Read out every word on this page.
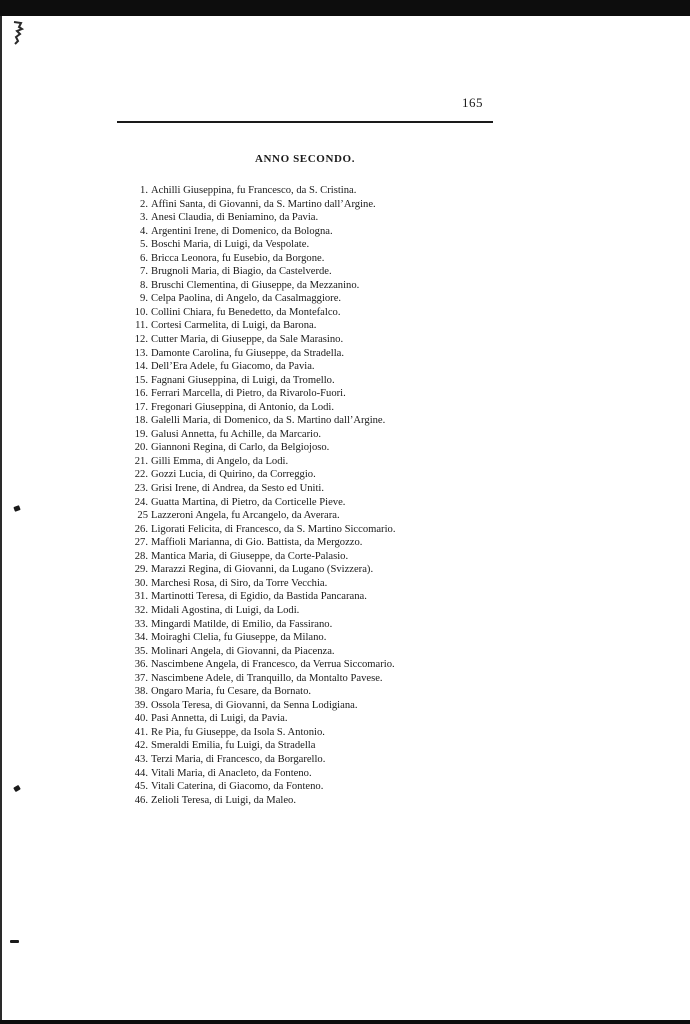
165
ANNO SECONDO.
1. Achilli Giuseppina, fu Francesco, da S. Cristina.
2. Affini Santa, di Giovanni, da S. Martino dall’Argine.
3. Anesi Claudia, di Beniamino, da Pavia.
4. Argentini Irene, di Domenico, da Bologna.
5. Boschi Maria, di Luigi, da Vespolate.
6. Bricca Leonora, fu Eusebio, da Borgone.
7. Brugnoli Maria, di Biagio, da Castelverde.
8. Bruschi Clementina, di Giuseppe, da Mezzanino.
9. Celpa Paolina, di Angelo, da Casalmaggiore.
10. Collini Chiara, fu Benedetto, da Montefalco.
11. Cortesi Carmelita, di Luigi, da Barona.
12. Cutter Maria, di Giuseppe, da Sale Marasino.
13. Damonte Carolina, fu Giuseppe, da Stradella.
14. Dell’Era Adele, fu Giacomo, da Pavia.
15. Fagnani Giuseppina, di Luigi, da Tromello.
16. Ferrari Marcella, di Pietro, da Rivarolo-Fuori.
17. Fregonari Giuseppina, di Antonio, da Lodi.
18. Galelli Maria, di Domenico, da S. Martino dall’Argine.
19. Galusi Annetta, fu Achille, da Marcario.
20. Giannoni Regina, di Carlo, da Belgiojoso.
21. Gilli Emma, di Angelo, da Lodi.
22. Gozzi Lucia, di Quirino, da Correggio.
23. Grisi Irene, di Andrea, da Sesto ed Uniti.
24. Guatta Martina, di Pietro, da Corticelle Pieve.
25 Lazzeroni Angela, fu Arcangelo, da Averara.
26. Ligorati Felicita, di Francesco, da S. Martino Siccomario.
27. Maffioli Marianna, di Gio. Battista, da Mergozzo.
28. Mantica Maria, di Giuseppe, da Corte-Palasio.
29. Marazzi Regina, di Giovanni, da Lugano (Svizzera).
30. Marchesi Rosa, di Siro, da Torre Vecchia.
31. Martinotti Teresa, di Egidio, da Bastida Pancarana.
32. Midali Agostina, di Luigi, da Lodi.
33. Mingardi Matilde, di Emilio, da Fassirano.
34. Moiraghi Clelia, fu Giuseppe, da Milano.
35. Molinari Angela, di Giovanni, da Piacenza.
36. Nascimbene Angela, di Francesco, da Verrua Siccomario.
37. Nascimbene Adele, di Tranquillo, da Montalto Pavese.
38. Ongaro Maria, fu Cesare, da Bornato.
39. Ossola Teresa, di Giovanni, da Senna Lodigiana.
40. Pasi Annetta, di Luigi, da Pavia.
41. Re Pia, fu Giuseppe, da Isola S. Antonio.
42. Smeraldi Emilia, fu Luigi, da Stradella
43. Terzi Maria, di Francesco, da Borgarello.
44. Vitali Maria, di Anacleto, da Fonteno.
45. Vitali Caterina, di Giacomo, da Fonteno.
46. Zelioli Teresa, di Luigi, da Maleo.
